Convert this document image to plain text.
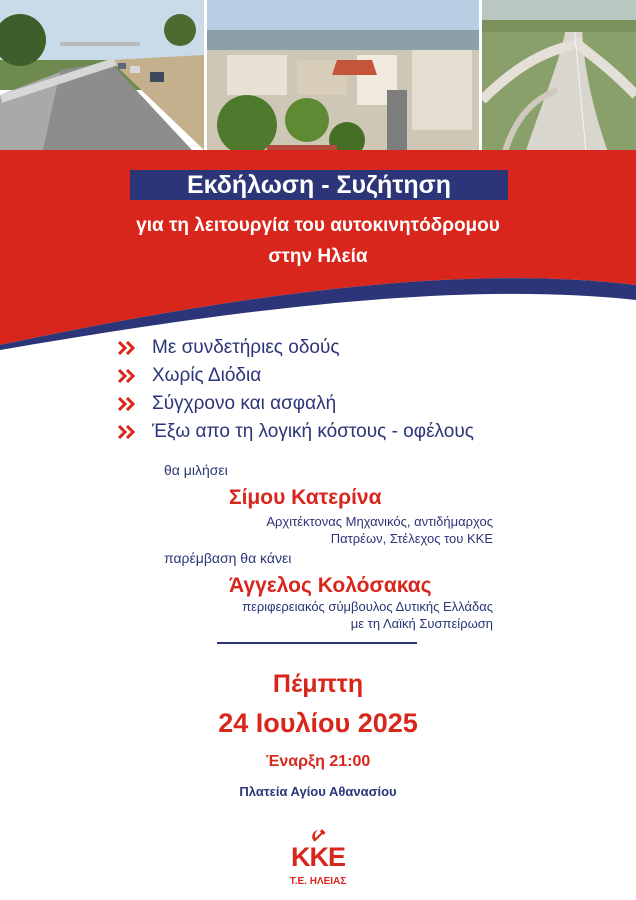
Εκδήλωση - Συζήτηση
για τη λειτουργία του αυτοκινητόδρομου
στην Ηλεία
Με συνδετήριες οδούς
Χωρίς Διόδια
Σύγχρονο και ασφαλή
Έξω απο τη λογική κόστους - οφέλους
θα μιλήσει
Σίμου Κατερίνα
Αρχιτέκτονας Μηχανικός, αντιδήμαρχος
Πατρέων, Στέλεχος του ΚΚΕ
παρέμβαση θα κάνει
Άγγελος Κολόσακας
περιφερειακός σύμβουλος Δυτικής Ελλάδας
με τη Λαϊκή Συσπείρωση
Πέμπτη
24 Ιουλίου 2025
Έναρξη 21:00
Πλατεία Αγίου Αθανασίου
ΚΚΕ
Τ.Ε. ΗΛΕΙΑΣ
